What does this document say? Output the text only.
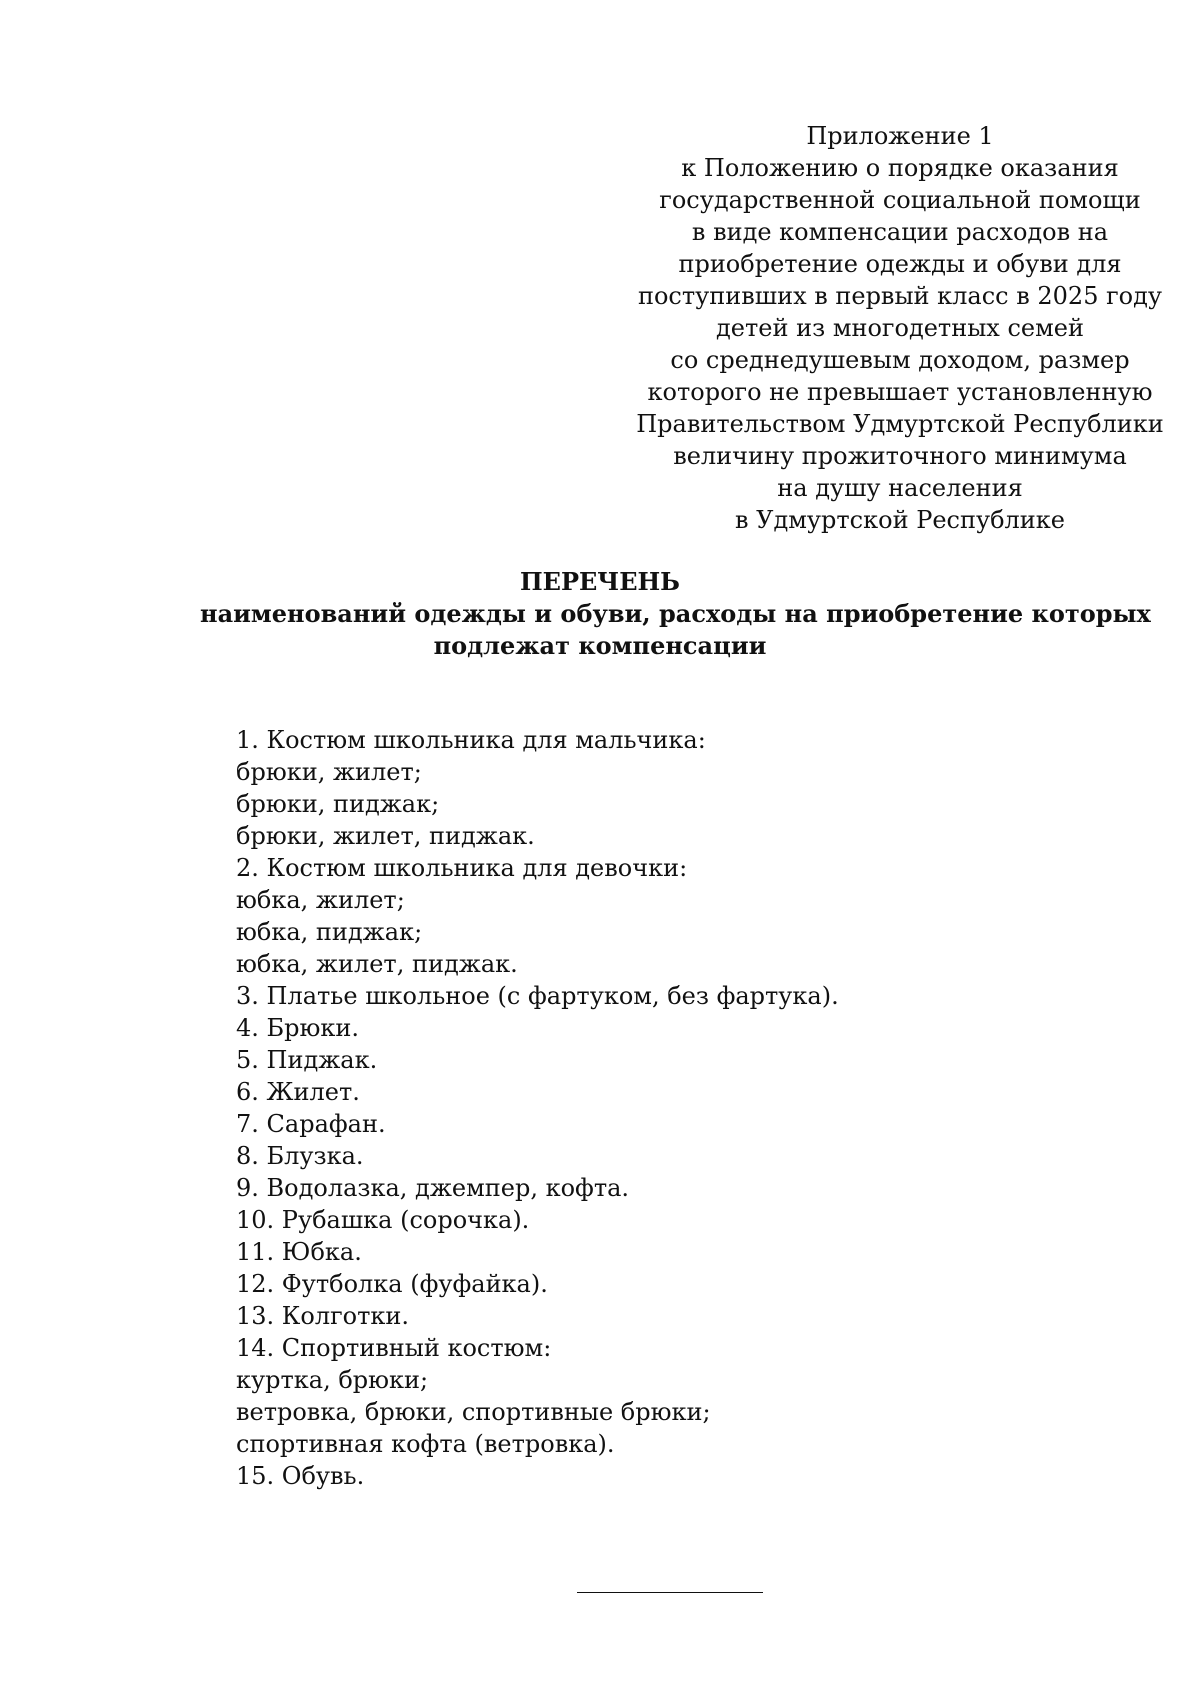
Приложение 1
к Положению о порядке оказания
государственной социальной помощи
в виде компенсации расходов на
приобретение одежды и обуви для
поступивших в первый класс в 2025 году
детей из многодетных семей
со среднедушевым доходом, размер
которого не превышает установленную
Правительством Удмуртской Республики
величину прожиточного минимума
на душу населения
в Удмуртской Республике
ПЕРЕЧЕНЬ
наименований одежды и обуви, расходы на приобретение которых
подлежат компенсации
1. Костюм школьника для мальчика:
брюки, жилет;
брюки, пиджак;
брюки, жилет, пиджак.
2. Костюм школьника для девочки:
юбка, жилет;
юбка, пиджак;
юбка, жилет, пиджак.
3. Платье школьное (с фартуком, без фартука).
4. Брюки.
5. Пиджак.
6. Жилет.
7. Сарафан.
8. Блузка.
9. Водолазка, джемпер, кофта.
10. Рубашка (сорочка).
11. Юбка.
12. Футболка (фуфайка).
13. Колготки.
14. Спортивный костюм:
куртка, брюки;
ветровка, брюки, спортивные брюки;
спортивная кофта (ветровка).
15. Обувь.
